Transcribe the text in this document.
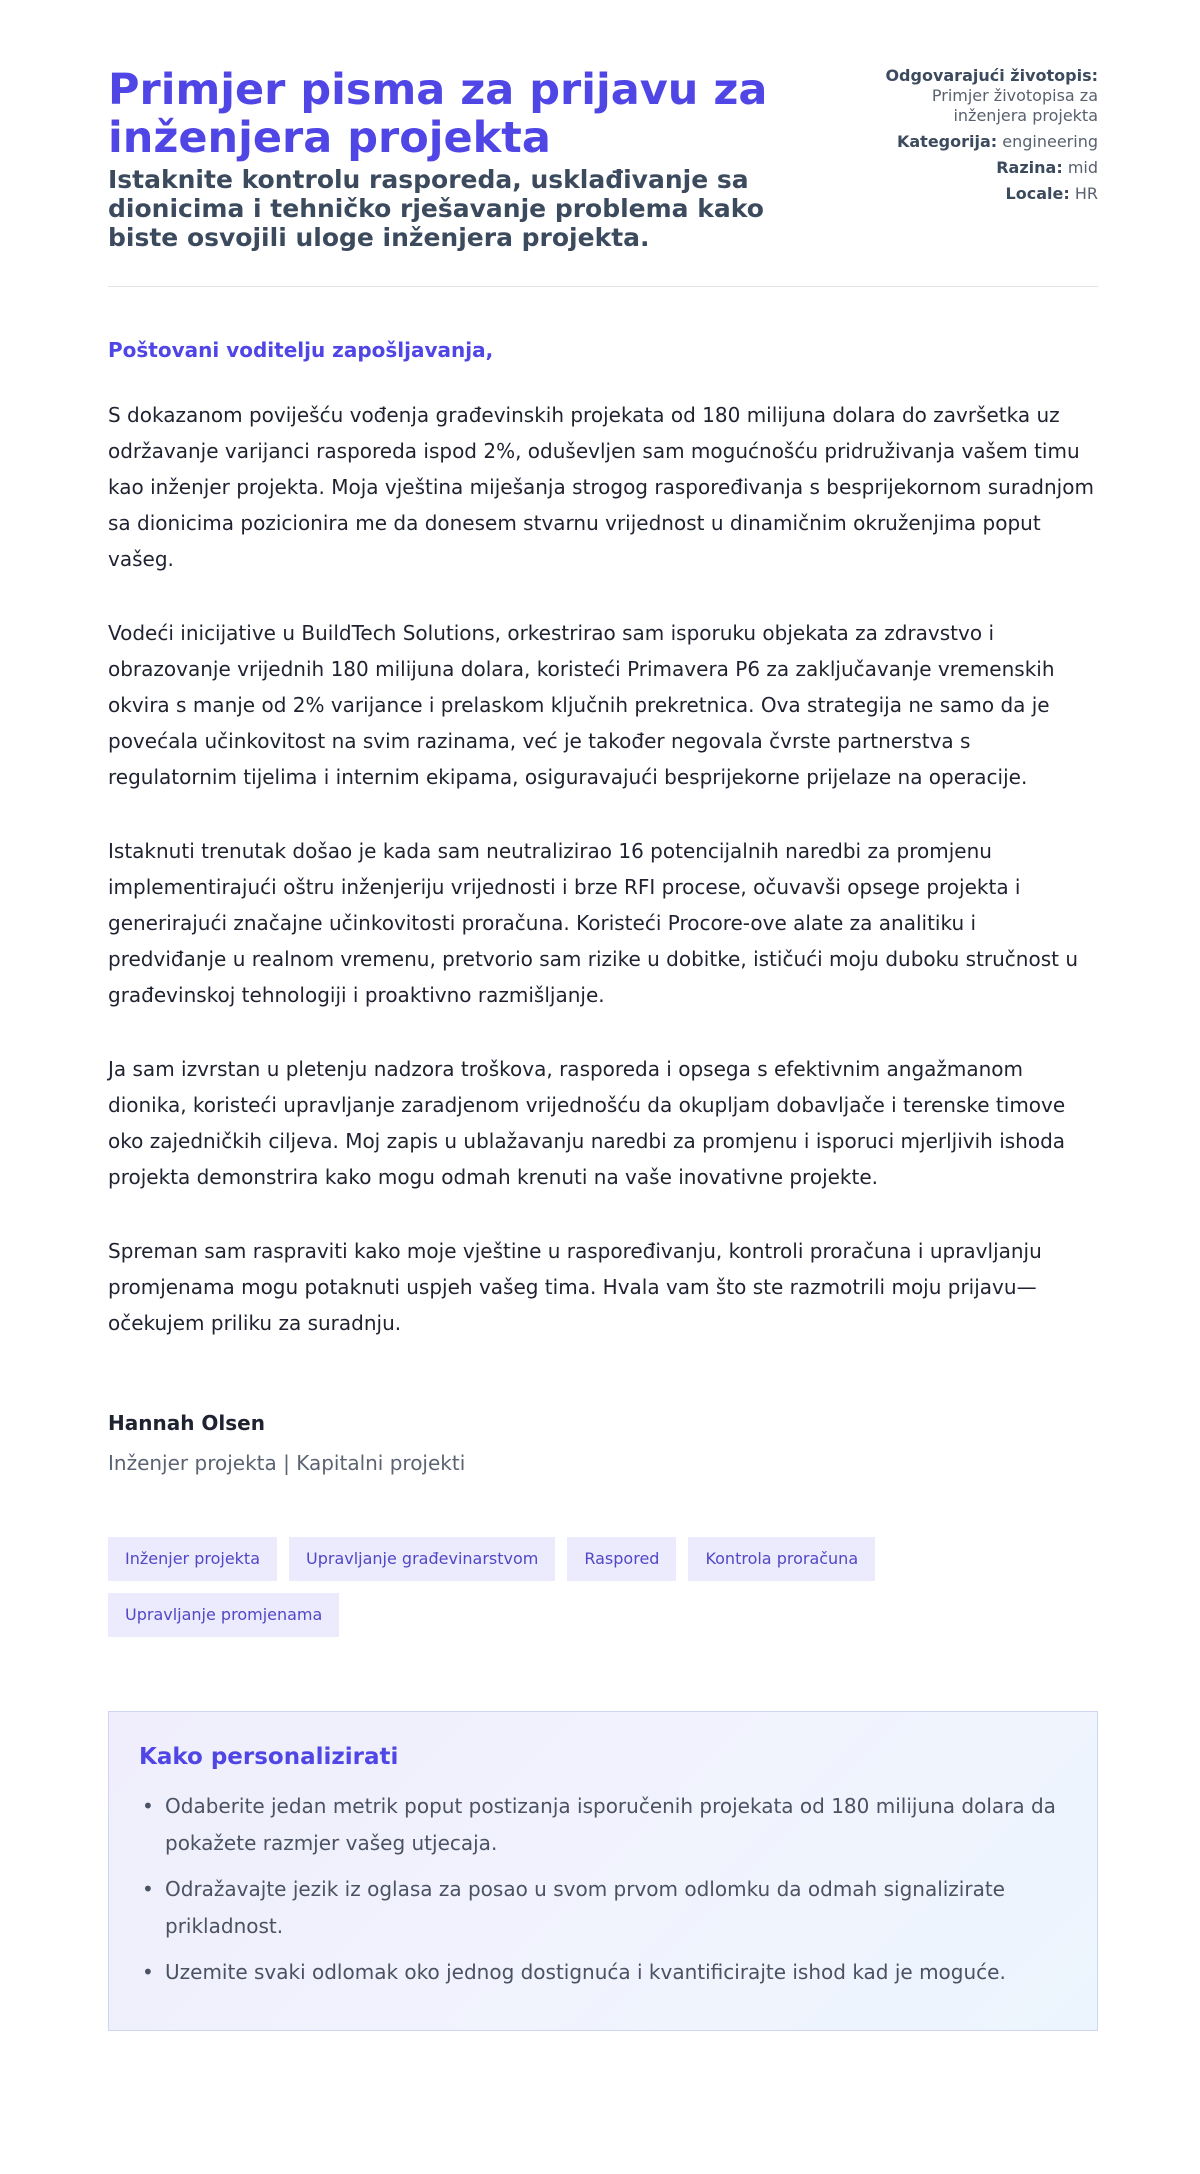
Primjer pisma za prijavu za inženjera projekta
Istaknite kontrolu rasporeda, usklađivanje sa dionicima i tehničko rješavanje problema kako biste osvojili uloge inženjera projekta.
Odgovarajući životopis: Primjer životopisa za inženjera projekta
Kategorija: engineering
Razina: mid
Locale: HR
Poštovani voditelju zapošljavanja,

S dokazanom poviješću vođenja građevinskih projekata od 180 milijuna dolara do završetka uz održavanje varijanci rasporeda ispod 2%, oduševljen sam mogućnošću pridruživanja vašem timu kao inženjer projekta. Moja vještina miješanja strogog raspoređivanja s besprijekornom suradnjom sa dionicima pozicionira me da donesem stvarnu vrijednost u dinamičnim okruženjima poput vašeg.

Vodeći inicijative u BuildTech Solutions, orkestrirao sam isporuku objekata za zdravstvo i obrazovanje vrijednih 180 milijuna dolara, koristeći Primavera P6 za zaključavanje vremenskih okvira s manje od 2% varijance i prelaskom ključnih prekretnica. Ova strategija ne samo da je povećala učinkovitost na svim razinama, već je također negovala čvrste partnerstva s regulatornim tijelima i internim ekipama, osiguravajući besprijekorne prijelaze na operacije.

Istaknuti trenutak došao je kada sam neutralizirao 16 potencijalnih naredbi za promjenu implementirajući oštru inženjeriju vrijednosti i brze RFI procese, očuvavši opsege projekta i generirajući značajne učinkovitosti proračuna. Koristeći Procore-ove alate za analitiku i predviđanje u realnom vremenu, pretvorio sam rizike u dobitke, ističući moju duboku stručnost u građevinskoj tehnologiji i proaktivno razmišljanje.

Ja sam izvrstan u pletenju nadzora troškova, rasporeda i opsega s efektivnim angažmanom dionika, koristeći upravljanje zaradjenom vrijednošću da okupljam dobavljače i terenske timove oko zajedničkih ciljeva. Moj zapis u ublažavanju naredbi za promjenu i isporuci mjerljivih ishoda projekta demonstrira kako mogu odmah krenuti na vaše inovativne projekte.

Spreman sam raspraviti kako moje vještine u raspoređivanju, kontroli proračuna i upravljanju promjenama mogu potaknuti uspjeh vašeg tima. Hvala vam što ste razmotrili moju prijavu—očekujem priliku za suradnju.

Hannah Olsen
Inženjer projekta | Kapitalni projekti
Inženjer projekta	Upravljanje građevinarstvom	Raspored	Kontrola proračuna
Upravljanje promjenama
Kako personalizirati
• Odaberite jedan metrik poput postizanja isporučenih projekata od 180 milijuna dolara da pokažete razmjer vašeg utjecaja.
• Odražavajte jezik iz oglasa za posao u svom prvom odlomku da odmah signalizirate prikladnost.
• Uzemite svaki odlomak oko jednog dostignuća i kvantificirajte ishod kad je moguće.
